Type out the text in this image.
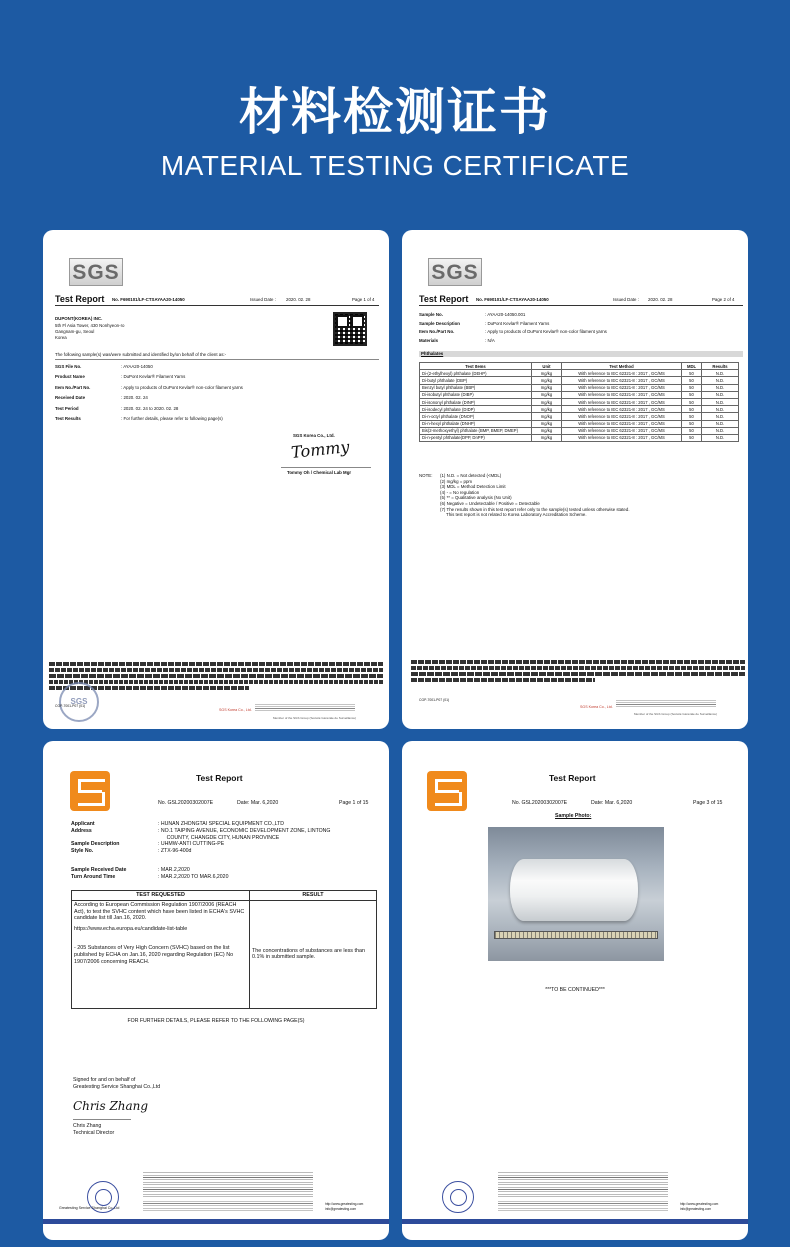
材料检测证书
MATERIAL TESTING CERTIFICATE
SGS
Test Report No. F690101/LF-CTSAYAA20-14050	Issued Date : 2020. 02. 28	Page 1 of 4
DUPONT(KOREA) INC.
5th Fl Asia Tower, 430 Nonhyeon-ro
Gangnam-gu, Seoul
Korea
The following sample(s) was/were submitted and identified by/on behalf of the client as:-
SGS File No.	: AYAA20-14050
Product Name	: DuPont Kevlar® Filament Yarns
Item No./Part No.	: Apply to products of DuPont Kevlar® non-color filament yarns
Received Date	: 2020. 02. 24
Test Period	: 2020. 02. 24 to 2020. 02. 28
Test Results	: For further details, please refer to following page(s)
SGS Korea Co., Ltd.
Tommy
Tommy Oh / Chemical Lab Mgr
SGS
CGP-7001-P07 (01)
SGS Korea Co., Ltd.
Member of the SGS Group (Société Générale de Surveillance)
SGS
Test Report No. F690101/LF-CTSAYAA20-14050	Issued Date : 2020. 02. 28	Page 2 of 4
Sample No.	: AYAA20-14050.001
Sample Description	: DuPont Kevlar® Filament Yarns
Item No./Part No.	: Apply to products of DuPont Kevlar® non-color filament yarns
Materials	: N/A
Phthalates
Test Items	Unit	Test Method	MDL	Results
Di-(2-ethylhexyl) phthalate (DEHP)	mg/kg	With reference to IEC 62321-8 : 2017 , GC/MS	50	N.D.
Di-butyl phthalate (DBP)	mg/kg	With reference to IEC 62321-8 : 2017 , GC/MS	50	N.D.
Benzyl butyl phthalate (BBP)	mg/kg	With reference to IEC 62321-8 : 2017 , GC/MS	50	N.D.
Di-isobutyl phthalate (DIBP)	mg/kg	With reference to IEC 62321-8 : 2017 , GC/MS	50	N.D.
Di-isononyl phthalate (DINP)	mg/kg	With reference to IEC 62321-8 : 2017 , GC/MS	50	N.D.
Di-isodecyl phthalate (DIDP)	mg/kg	With reference to IEC 62321-8 : 2017 , GC/MS	50	N.D.
Di-n-octyl phthalate (DNOP)	mg/kg	With reference to IEC 62321-8 : 2017 , GC/MS	50	N.D.
Di-n-hexyl phthalate (DNHP)	mg/kg	With reference to IEC 62321-8 : 2017 , GC/MS	50	N.D.
Bis(2-methoxyethyl) phthalate (BMP, BMEP, DMEP)	mg/kg	With reference to IEC 62321-8 : 2017 , GC/MS	50	N.D.
Di-n-pentyl phthalate(DPP, DnPP)	mg/kg	With reference to IEC 62321-8 : 2017 , GC/MS	50	N.D.
NOTE: (1) N.D. = Not detected (<MDL)
(2) mg/kg = ppm
(3) MDL = Method Detection Limit
(4) - = No regulation
(5) ** = Qualitative analysis (No Unit)
(6) Negative = Undetectable / Positive = Detectable
(7) The results shown in this test report refer only to the sample(s) tested unless otherwise stated.
This test report is not related to Korea Laboratory Accreditation Scheme.
CGP-7001-P07 (01)
SGS Korea Co., Ltd.
Member of the SGS Group (Société Générale de Surveillance)
Test Report
No. GSL20200302007E	Date: Mar. 6,2020	Page 1 of 15
Applicant	: HUNAN ZHONGTAI SPECIAL EQUIPMENT CO.,LTD
Address	: NO.1 TAIPING AVENUE, ECONOMIC DEVELOPMENT ZONE, LINTONG
COUNTY, CHANGDE CITY, HUNAN PROVINCE
Sample Description	: UHMW-ANTI CUTTING-PE
Style No.	: ZTX-96-400d
Sample Received Date	: MAR.2,2020
Turn Around Time	: MAR.2,2020 TO MAR.6,2020
TEST REQUESTED	RESULT

According to European Commission Regulation 1907/2006 (REACH Act), to test the SVHC content which have been listed in ECHA's SVHC candidate list till Jan.16, 2020.
https://www.echa.europa.eu/candidate-list-table
- 205 Substances of Very High Concern (SVHC) based on the list published by ECHA on Jan.16, 2020 regarding Regulation (EC) No 1907/2006 concerning REACH.	The concentrations of substances are less than 0.1% in submitted sample.
FOR FURTHER DETAILS, PLEASE REFER TO THE FOLLOWING PAGE(S)
Signed for and on behalf of
Greatesting Service Shanghai Co.,Ltd
Chris Zhang
Chris Zhang
Technical Director
Greatesting Service Shanghai Co.,Ltd
http://www.greatesting.com
info@greatesting.com
Test Report
No. GSL20200302007E	Date: Mar. 6,2020	Page 3 of 15
Sample Photo:
***TO BE CONTINUED***
http://www.greatesting.com
info@greatesting.com
